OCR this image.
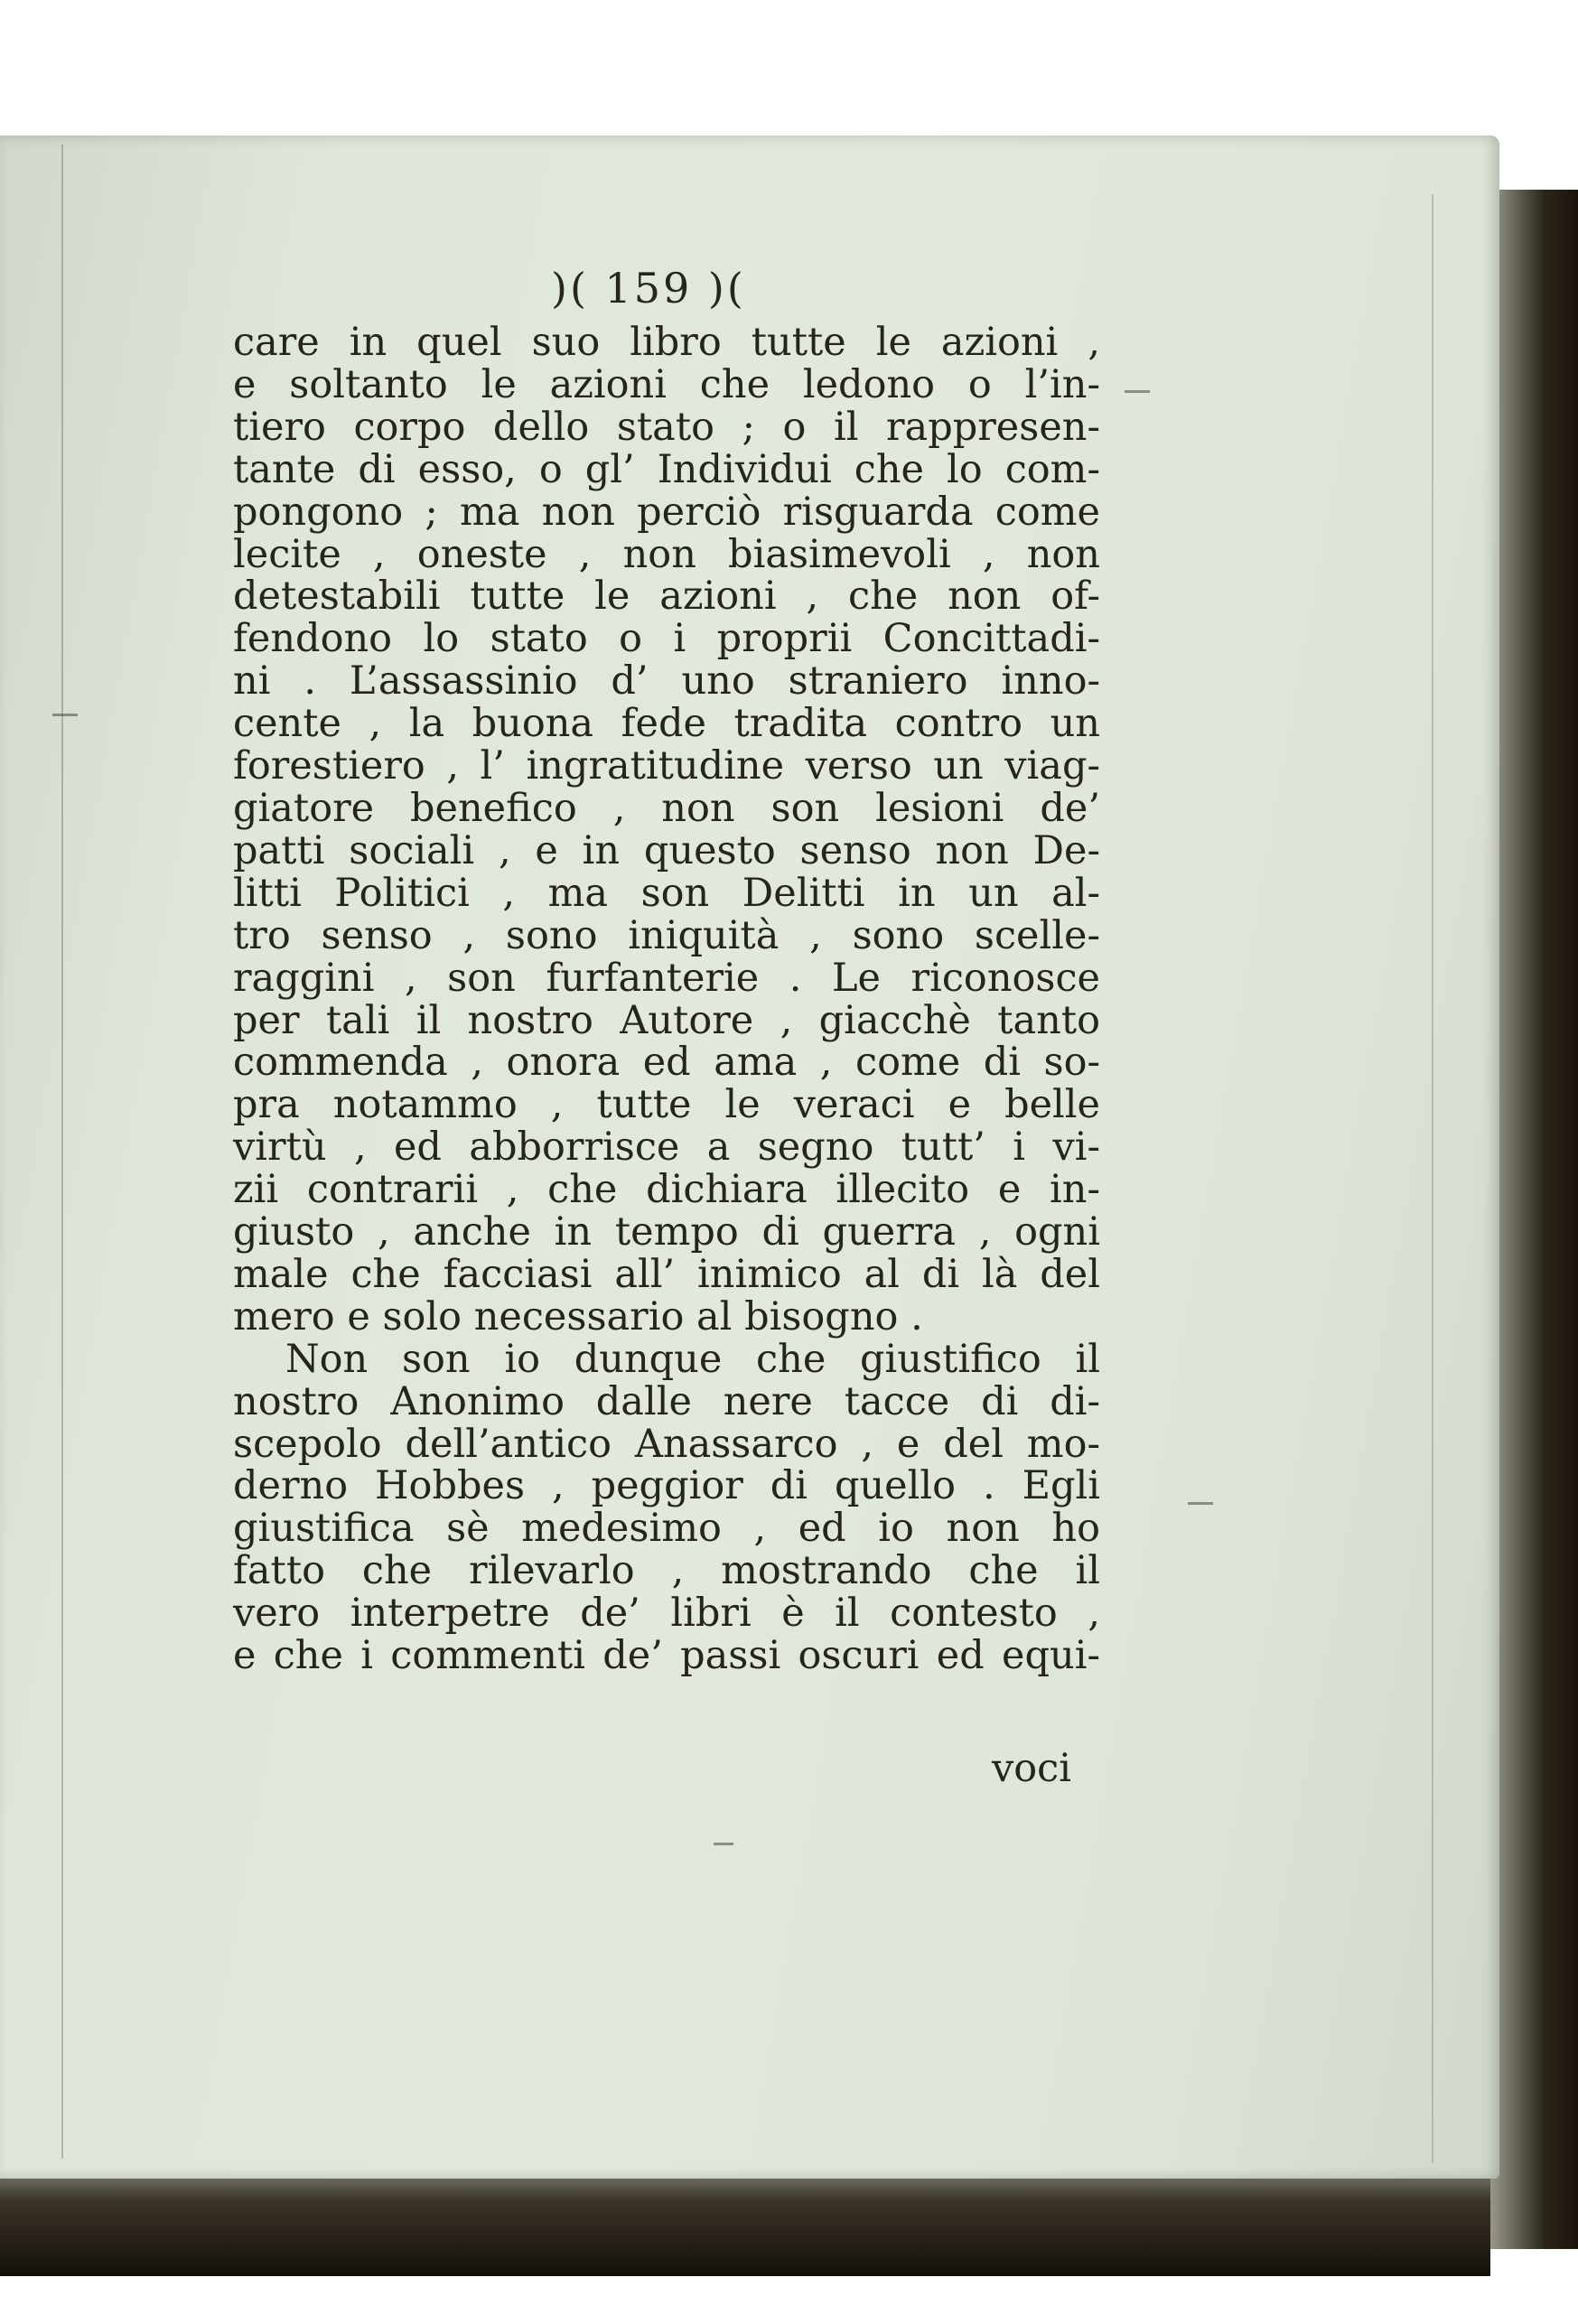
)( 159 )(
care in quel suo libro tutte le azioni ,
e soltanto le azioni che ledono o l’in-
tiero corpo dello stato ; o il rappresen-
tante di esso, o gl’ Individui che lo com-
pongono ; ma non perciò risguarda come
lecite , oneste , non biasimevoli , non
detestabili tutte le azioni , che non of-
fendono lo stato o i proprii Concittadi-
ni . L’assassinio d’ uno straniero inno-
cente , la buona fede tradita contro un
forestiero , l’ ingratitudine verso un viag-
giatore benefico , non son lesioni de’
patti sociali , e in questo senso non De-
litti Politici , ma son Delitti in un al-
tro senso , sono iniquità , sono scelle-
raggini , son furfanterie . Le riconosce
per tali il nostro Autore , giacchè tanto
commenda , onora ed ama , come di so-
pra notammo , tutte le veraci e belle
virtù , ed abborrisce a segno tutt’ i vi-
zii contrarii , che dichiara illecito e in-
giusto , anche in tempo di guerra , ogni
male che facciasi all’ inimico al di là del
mero e solo necessario al bisogno .
Non son io dunque che giustifico il
nostro Anonimo dalle nere tacce di di-
scepolo dell’antico Anassarco , e del mo-
derno Hobbes , peggior di quello . Egli
giustifica sè medesimo , ed io non ho
fatto che rilevarlo , mostrando che il
vero interpetre de’ libri è il contesto ,
e che i commenti de’ passi oscuri ed equi-
voci
